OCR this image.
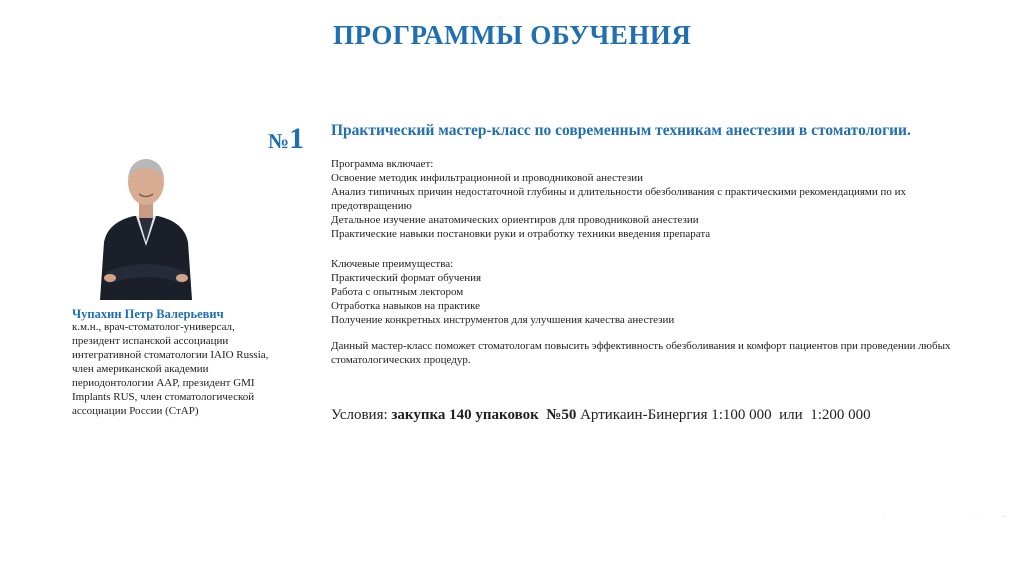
ПРОГРАММЫ ОБУЧЕНИЯ
№1 Практический мастер-класс по современным техникам анестезии в стоматологии.
Чупахин Петр Валерьевич
к.м.н., врач-стоматолог-универсал, президент испанской ассоциации интегративной стоматологии IAIO Russia, член американской академии периодонтологии AAP, президент GMI Implants RUS, член стоматологической ассоциации России (СтАР)
Программа включает:
Освоение методик инфильтрационной и проводниковой анестезии
Анализ типичных причин недостаточной глубины и длительности обезболивания с практическими рекомендациями по их предотвращению
Детальное изучение анатомических ориентиров для проводниковой анестезии
Практические навыки постановки руки и отработку техники введения препарата
Ключевые преимущества:
Практический формат обучения
Работа с опытным лектором
Отработка навыков на практике
Получение конкретных инструментов для улучшения качества анестезии
Данный мастер-класс поможет стоматологам повысить эффективность обезболивания и комфорт пациентов при проведении любых стоматологических процедур.
Условия: закупка 140 упаковок  №50 Артикаин-Бинергия 1:100 000  или  1:200 000
·	·	··
